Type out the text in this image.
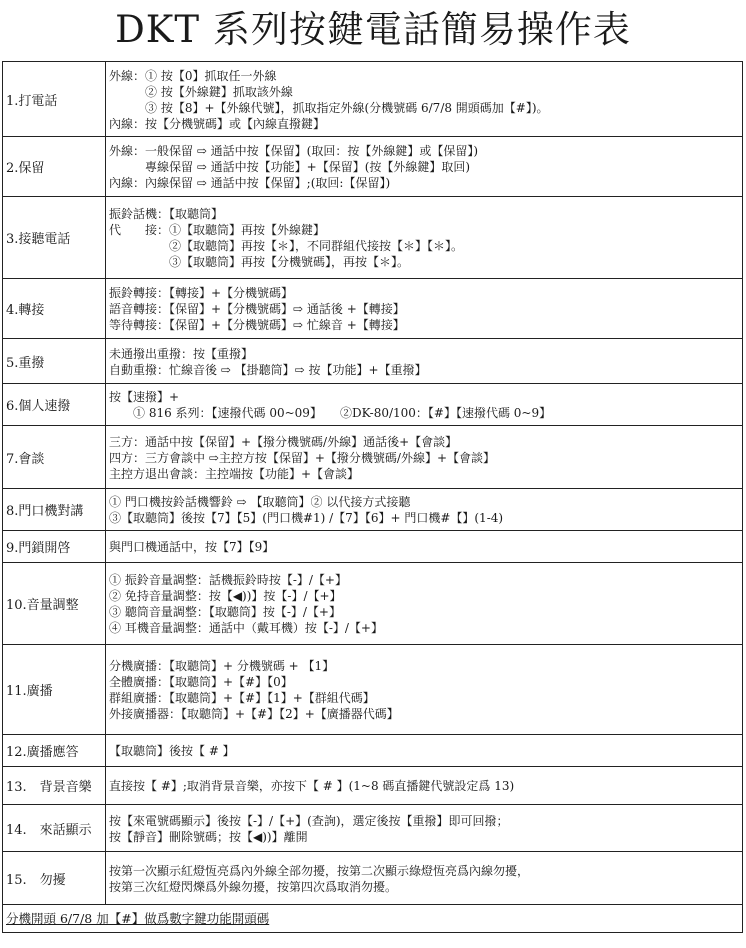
DKT 系列按鍵電話簡易操作表
1.打電話
外線：① 按【0】抓取任一外線
　　　② 按【外線鍵】抓取該外線
　　　③ 按【8】+【外線代號】，抓取指定外線(分機號碼 6/7/8 開頭碼加【#】)。
內線：按【分機號碼】或【內線直撥鍵】
2.保留
外線：一般保留 ⇨ 通話中按【保留】(取回：按【外線鍵】或【保留】)
　　　專線保留 ⇨ 通話中按【功能】+【保留】(按【外線鍵】取回)
內線：內線保留 ⇨ 通話中按【保留】;(取回:【保留】)
3.接聽電話
振鈴話機：【取聽筒】
代　　接：①【取聽筒】再按【外線鍵】
　　　　　②【取聽筒】再按【＊】，不同群組代接按【＊】【＊】。
　　　　　③【取聽筒】再按【分機號碼】，再按【＊】。
4.轉接
振鈴轉接：【轉接】+【分機號碼】
語音轉接：【保留】+【分機號碼】⇨ 通話後 +【轉接】
等待轉接：【保留】+【分機號碼】⇨ 忙線音 +【轉接】
5.重撥
未通撥出重撥：按【重撥】
自動重撥：忙線音後 ⇨ 【掛聽筒】⇨ 按【功能】+【重撥】
6.個人速撥
按【速撥】+
　　① 816 系列：【速撥代碼 00~09】　　②DK-80/100：【#】【速撥代碼 0~9】
7.會談
三方：通話中按【保留】+【撥分機號碼/外線】通話後+【會談】
四方：三方會談中 ⇨主控方按【保留】+【撥分機號碼/外線】+【會談】
主控方退出會談：主控端按【功能】+【會談】
8.門口機對講
① 門口機按鈴話機響鈴 ⇨ 【取聽筒】② 以代接方式接聽
③【取聽筒】後按【7】【5】(門口機#1) /【7】【6】+ 門口機#【】(1-4)
9.門鎖開啓	與門口機通話中，按【7】【9】
10.音量調整
① 振鈴音量調整：話機振鈴時按【-】/【+】
② 免持音量調整：按【◀))】按【-】/【+】
③ 聽筒音量調整：【取聽筒】按【-】/【+】
④ 耳機音量調整：通話中（戴耳機）按【-】/【+】
11.廣播
分機廣播：【取聽筒】+ 分機號碼 + 【1】
全體廣播：【取聽筒】+【#】【0】
群組廣播：【取聽筒】+【#】【1】+【群組代碼】
外接廣播器：【取聽筒】+【#】【2】+【廣播器代碼】
12.廣播應答	【取聽筒】後按【 # 】
13.　背景音樂 直接按【 #】;取消背景音樂，亦按下【 # 】(1~8 碼直播鍵代號設定爲 13)
14.　來話顯示
按【來電號碼顯示】後按【-】/【+】(查詢)，選定後按【重撥】即可回撥；
按【靜音】刪除號碼；按【◀))】離開
15.　勿擾
按第一次顯示紅燈恆亮爲內外線全部勿擾，按第二次顯示綠燈恆亮爲內線勿擾，
按第三次紅燈閃爍爲外線勿擾，按第四次爲取消勿擾。
分機開頭 6/7/8 加【#】做爲數字鍵功能開頭碼
